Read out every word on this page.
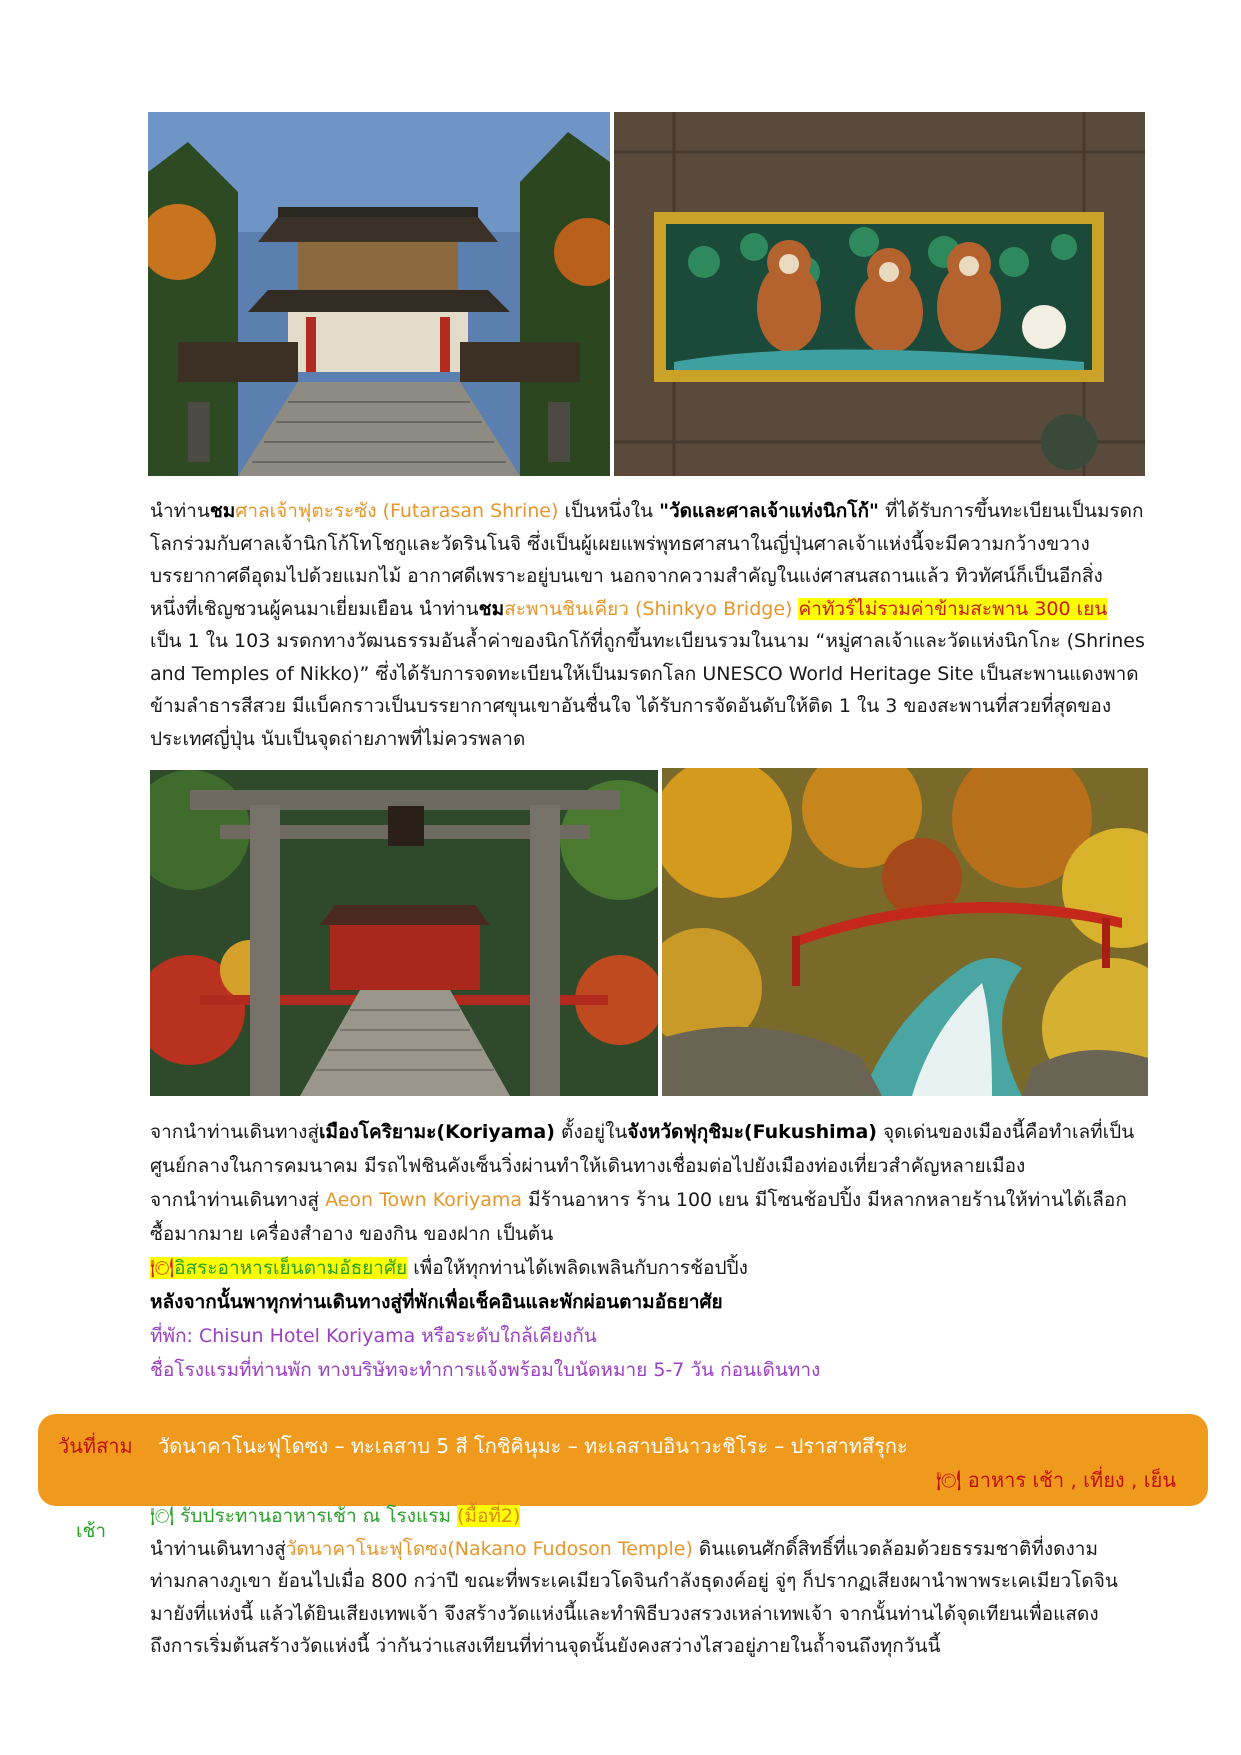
นำท่านชมศาลเจ้าฟุตะระซัง (Futarasan Shrine) เป็นหนึ่งใน "วัดและศาลเจ้าแห่งนิกโก้" ที่ได้รับการขึ้นทะเบียนเป็นมรดก
โลกร่วมกับศาลเจ้านิกโก้โทโชกูและวัดรินโนจิ ซึ่งเป็นผู้เผยแพร่พุทธศาสนาในญี่ปุ่นศาลเจ้าแห่งนี้จะมีความกว้างขวาง
บรรยากาศดีอุดมไปด้วยแมกไม้ อากาศดีเพราะอยู่บนเขา นอกจากความสำคัญในแง่ศาสนสถานแล้ว ทิวทัศน์ก็เป็นอีกสิ่ง
หนึ่งที่เชิญชวนผู้คนมาเยี่ยมเยือน นำท่านชมสะพานชินเคียว (Shinkyo Bridge) ค่าทัวร์ไม่รวมค่าข้ามสะพาน 300 เยน
เป็น 1 ใน 103 มรดกทางวัฒนธรรมอันล้ำค่าของนิกโก้ที่ถูกขึ้นทะเบียนรวมในนาม “หมู่ศาลเจ้าและวัดแห่งนิกโกะ (Shrines
and Temples of Nikko)” ซึ่งได้รับการจดทะเบียนให้เป็นมรดกโลก UNESCO World Heritage Site เป็นสะพานแดงพาด
ข้ามลำธารสีสวย มีแบ็คกราวเป็นบรรยากาศขุนเขาอันชื่นใจ ได้รับการจัดอันดับให้ติด 1 ใน 3 ของสะพานที่สวยที่สุดของ
ประเทศญี่ปุ่น นับเป็นจุดถ่ายภาพที่ไม่ควรพลาด
จากนำท่านเดินทางสู่เมืองโคริยามะ(Koriyama) ตั้งอยู่ในจังหวัดฟุกุชิมะ(Fukushima) จุดเด่นของเมืองนี้คือทำเลที่เป็น
ศูนย์กลางในการคมนาคม มีรถไฟชินคังเซ็นวิ่งผ่านทำให้เดินทางเชื่อมต่อไปยังเมืองท่องเที่ยวสำคัญหลายเมือง
จากนำท่านเดินทางสู่ Aeon Town Koriyama มีร้านอาหาร ร้าน 100 เยน มีโซนช้อปปิ้ง มีหลากหลายร้านให้ท่านได้เลือก
ซื้อมากมาย เครื่องสำอาง ของกิน ของฝาก เป็นต้น
🍽อิสระอาหารเย็นตามอัธยาศัย เพื่อให้ทุกท่านได้เพลิดเพลินกับการช้อปปิ้ง
หลังจากนั้นพาทุกท่านเดินทางสู่ที่พักเพื่อเช็คอินและพักผ่อนตามอัธยาศัย
ที่พัก: Chisun Hotel Koriyama หรือระดับใกล้เคียงกัน
ชื่อโรงแรมที่ท่านพัก ทางบริษัทจะทำการแจ้งพร้อมใบนัดหมาย 5-7 วัน ก่อนเดินทาง
วันที่สาม วัดนาคาโนะฟุโดซง – ทะเลสาบ 5 สี โกชิคินุมะ – ทะเลสาบอินาวะชิโระ – ปราสาทสึรุกะ
🍽 อาหาร เช้า , เที่ยง , เย็น
เช้า
🍽 รับประทานอาหารเช้า ณ โรงแรม (มื้อที่2)
นำท่านเดินทางสู่วัดนาคาโนะฟุโดซง(Nakano Fudoson Temple) ดินแดนศักดิ์สิทธิ์ที่แวดล้อมด้วยธรรมชาติที่งดงาม
ท่ามกลางภูเขา ย้อนไปเมื่อ 800 กว่าปี ขณะที่พระเคเมียวโดจินกำลังธุดงค์อยู่ จู่ๆ ก็ปรากฏเสียงผานำพาพระเคเมียวโดจิน
มายังที่แห่งนี้ แล้วได้ยินเสียงเทพเจ้า จึงสร้างวัดแห่งนี้และทำพิธีบวงสรวงเหล่าเทพเจ้า จากนั้นท่านได้จุดเทียนเพื่อแสดง
ถึงการเริ่มต้นสร้างวัดแห่งนี้ ว่ากันว่าแสงเทียนที่ท่านจุดนั้นยังคงสว่างไสวอยู่ภายในถ้ำจนถึงทุกวันนี้
